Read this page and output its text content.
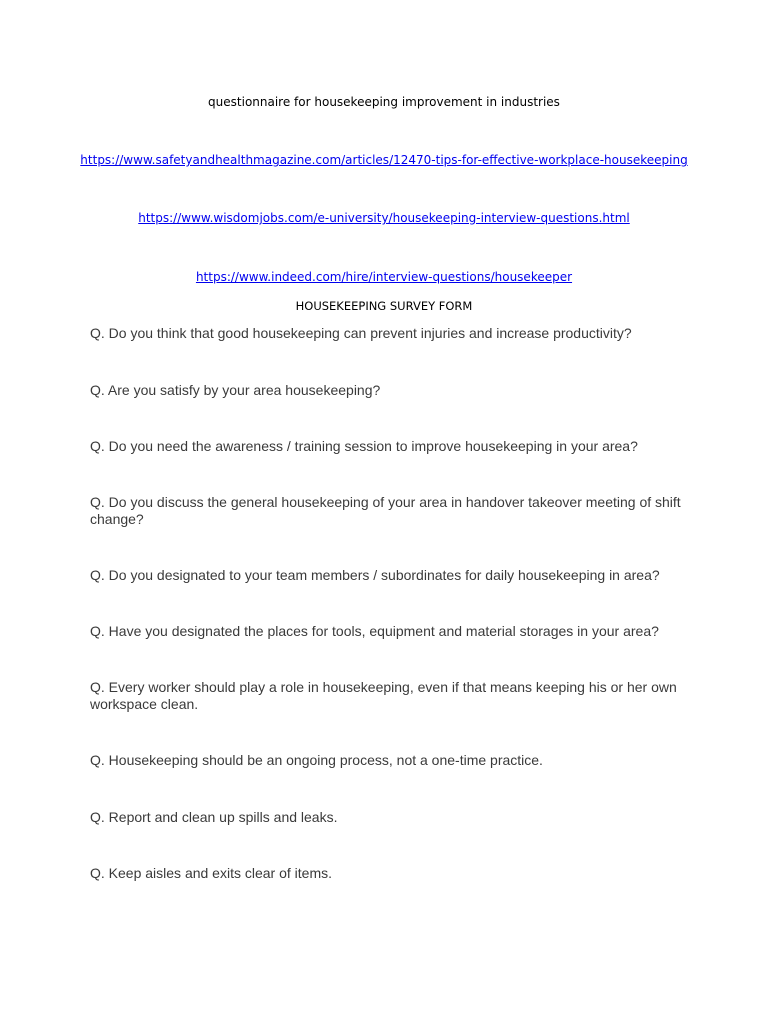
questionnaire for housekeeping improvement in industries
https://www.safetyandhealthmagazine.com/articles/12470-tips-for-effective-workplace-housekeeping
https://www.wisdomjobs.com/e-university/housekeeping-interview-questions.html
https://www.indeed.com/hire/interview-questions/housekeeper
HOUSEKEEPING SURVEY FORM
Q. Do you think that good housekeeping can prevent injuries and increase productivity?
Q. Are you satisfy by your area housekeeping?
Q. Do you need the awareness / training session to improve housekeeping in your area?
Q. Do you discuss the general housekeeping of your area in handover takeover meeting of shift change?
Q. Do you designated to your team members / subordinates for daily housekeeping in area?
Q. Have you designated the places for tools, equipment and material storages in your area?
Q. Every worker should play a role in housekeeping, even if that means keeping his or her own workspace clean.
Q. Housekeeping should be an ongoing process, not a one-time practice.
Q. Report and clean up spills and leaks.
Q. Keep aisles and exits clear of items.
